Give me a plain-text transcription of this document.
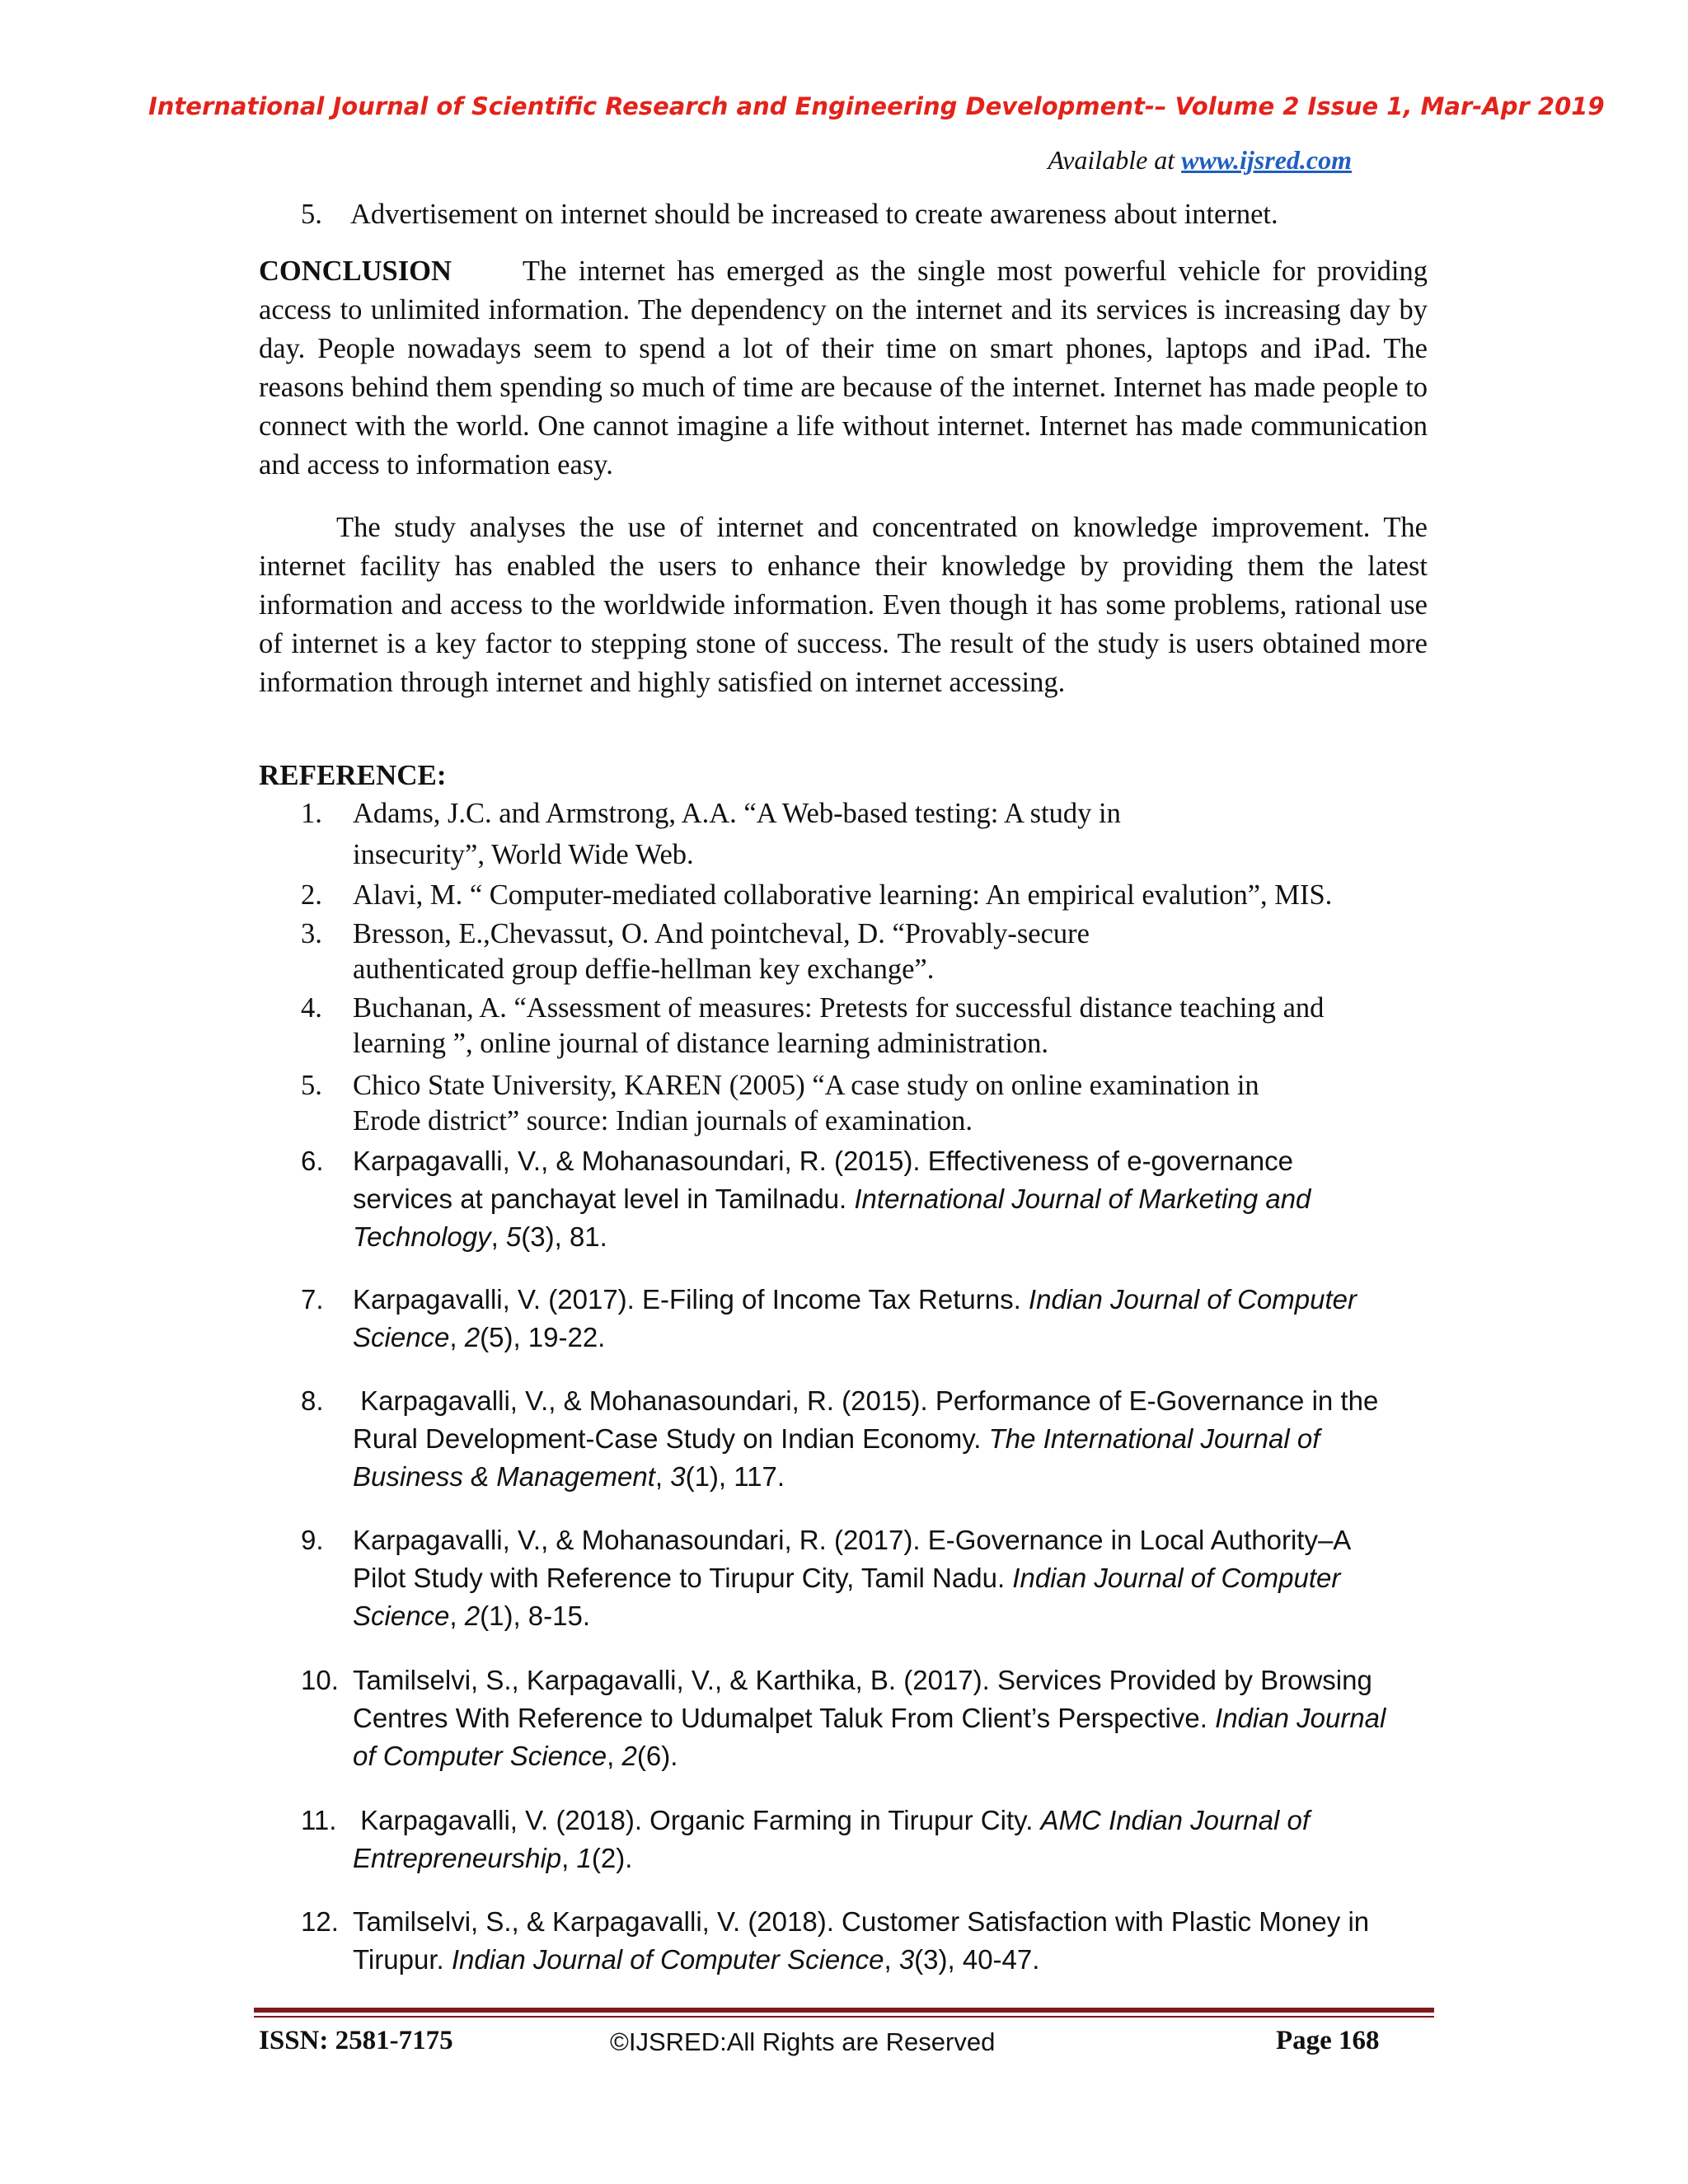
International Journal of Scientific Research and Engineering Development-– Volume 2 Issue 1, Mar-Apr 2019
Available at www.ijsred.com
5. Advertisement on internet should be increased to create awareness about internet.
CONCLUSION The internet has emerged as the single most powerful vehicle for providing access to unlimited information. The dependency on the internet and its services is increasing day by day. People nowadays seem to spend a lot of their time on smart phones, laptops and iPad. The reasons behind them spending so much of time are because of the internet. Internet has made people to connect with the world. One cannot imagine a life without internet. Internet has made communication and access to information easy.
The study analyses the use of internet and concentrated on knowledge improvement. The internet facility has enabled the users to enhance their knowledge by providing them the latest information and access to the worldwide information. Even though it has some problems, rational use of internet is a key factor to stepping stone of success. The result of the study is users obtained more information through internet and highly satisfied on internet accessing.
REFERENCE:
1. Adams, J.C. and Armstrong, A.A. “A Web-based testing: A study in
insecurity”, World Wide Web.
2. Alavi, M. “ Computer-mediated collaborative learning: An empirical evalution”, MIS.
3. Bresson, E.,Chevassut, O. And pointcheval, D. “Provably-secure
authenticated group deffie-hellman key exchange”.
4. Buchanan, A. “Assessment of measures: Pretests for successful distance teaching and
learning ”, online journal of distance learning administration.
5. Chico State University, KAREN (2005) “A case study on online examination in
Erode district” source: Indian journals of examination.
6. Karpagavalli, V., & Mohanasoundari, R. (2015). Effectiveness of e-governance services at panchayat level in Tamilnadu. International Journal of Marketing and Technology, 5(3), 81.
7. Karpagavalli, V. (2017). E-Filing of Income Tax Returns. Indian Journal of Computer Science, 2(5), 19-22.
8. Karpagavalli, V., & Mohanasoundari, R. (2015). Performance of E-Governance in the Rural Development-Case Study on Indian Economy. The International Journal of Business & Management, 3(1), 117.
9. Karpagavalli, V., & Mohanasoundari, R. (2017). E-Governance in Local Authority–A Pilot Study with Reference to Tirupur City, Tamil Nadu. Indian Journal of Computer Science, 2(1), 8-15.
10. Tamilselvi, S., Karpagavalli, V., & Karthika, B. (2017). Services Provided by Browsing Centres With Reference to Udumalpet Taluk From Client’s Perspective. Indian Journal of Computer Science, 2(6).
11. Karpagavalli, V. (2018). Organic Farming in Tirupur City. AMC Indian Journal of Entrepreneurship, 1(2).
12. Tamilselvi, S., & Karpagavalli, V. (2018). Customer Satisfaction with Plastic Money in Tirupur. Indian Journal of Computer Science, 3(3), 40-47.
ISSN: 2581-7175	©IJSRED:All Rights are Reserved	Page 168
